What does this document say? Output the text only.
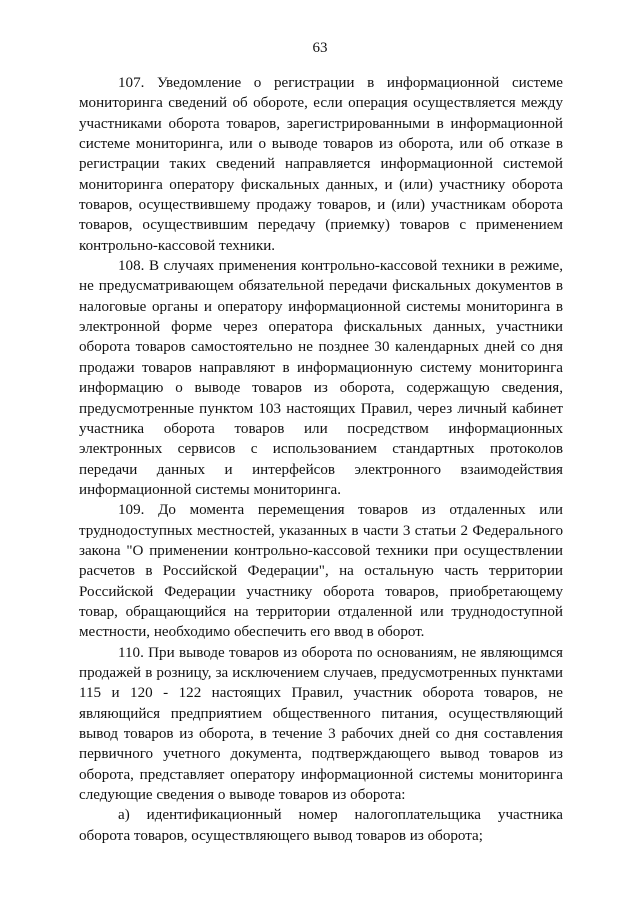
63

107. Уведомление о регистрации в информационной системе мониторинга сведений об обороте, если операция осуществляется между участниками оборота товаров, зарегистрированными в информационной системе мониторинга, или о выводе товаров из оборота, или об отказе в регистрации таких сведений направляется информационной системой мониторинга оператору фискальных данных, и (или) участнику оборота товаров, осуществившему продажу товаров, и (или) участникам оборота товаров, осуществившим передачу (приемку) товаров с применением контрольно-кассовой техники.

108. В случаях применения контрольно-кассовой техники в режиме, не предусматривающем обязательной передачи фискальных документов в налоговые органы и оператору информационной системы мониторинга в электронной форме через оператора фискальных данных, участники оборота товаров самостоятельно не позднее 30 календарных дней со дня продажи товаров направляют в информационную систему мониторинга информацию о выводе товаров из оборота, содержащую сведения, предусмотренные пунктом 103 настоящих Правил, через личный кабинет участника оборота товаров или посредством информационных электронных сервисов с использованием стандартных протоколов передачи данных и интерфейсов электронного взаимодействия информационной системы мониторинга.

109. До момента перемещения товаров из отдаленных или труднодоступных местностей, указанных в части 3 статьи 2 Федерального закона "О применении контрольно-кассовой техники при осуществлении расчетов в Российской Федерации", на остальную часть территории Российской Федерации участнику оборота товаров, приобретающему товар, обращающийся на территории отдаленной или труднодоступной местности, необходимо обеспечить его ввод в оборот.

110. При выводе товаров из оборота по основаниям, не являющимся продажей в розницу, за исключением случаев, предусмотренных пунктами 115 и 120 - 122 настоящих Правил, участник оборота товаров, не являющийся предприятием общественного питания, осуществляющий вывод товаров из оборота, в течение 3 рабочих дней со дня составления первичного учетного документа, подтверждающего вывод товаров из оборота, представляет оператору информационной системы мониторинга следующие сведения о выводе товаров из оборота:

а) идентификационный номер налогоплательщика участника оборота товаров, осуществляющего вывод товаров из оборота;
